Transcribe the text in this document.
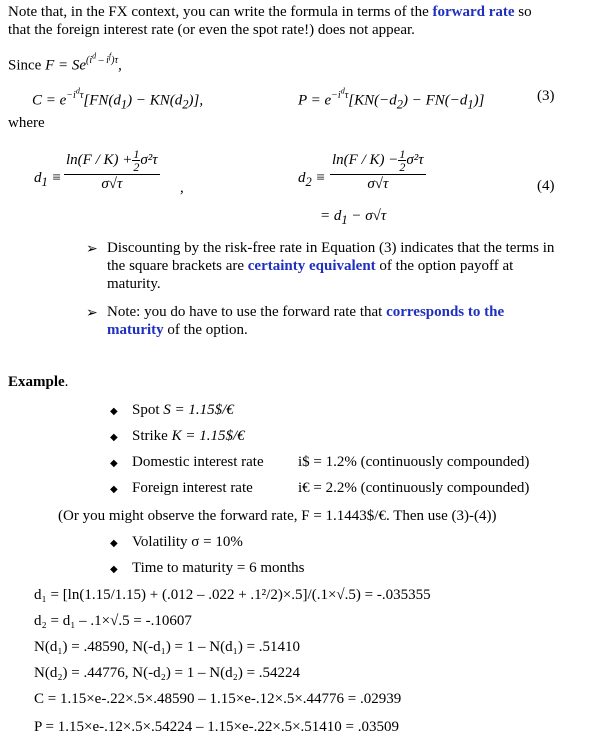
Note that, in the FX context, you can write the formula in terms of the forward rate so
that the foreign interest rate (or even the spot rate!) does not appear.
Since $F = Se^{(i^d - i^f)\tau}$,
$C = e^{-i^d\tau}[FN(d_1) - KN(d_2)]$,	$P = e^{-i^d\tau}[KN(-d_2) - FN(-d_1)]$	(3)
where
$d_1 \equiv \frac{\ln(F / K) + \frac{1}{2} \sigma^2\tau}{\sigma√\tau}$ ,
$d_2 \equiv \frac{\ln(F / K) - \frac{1}{2} \sigma^2\tau}{\sigma√\tau}$	(4)
= $d_1 - \sigma√\tau$
➢ Discounting by the risk-free rate in Equation (3) indicates that the terms in
the square brackets are certainty equivalent of the option payoff at
maturity.
➢ Note: you do have to use the forward rate that corresponds to the
maturity of the option.
Example.
◆ Spot S = 1.15$/€
◆ Strike K = 1.15$/€
◆ Domestic interest rate i$ = 1.2% (continuously compounded)
◆ Foreign interest rate	i€ = 2.2% (continuously compounded)
(Or you might observe the forward rate, F = 1.1443$/€. Then use (3)-(4))
◆ Volatility σ = 10%
◆ Time to maturity = 6 months
d₁ = [ln(1.15/1.15) + (.012 – .022 + .1²/2)×.5]/(.1×√.5) = -.035355
d₂ = d₁ – .1×√.5 = -.10607
N(d₁) = .48590, N(-d₁) = 1 – N(d₁) = .51410
N(d₂) = .44776, N(-d₂) = 1 – N(d₂) = .54224
C = 1.15×e-.22×.5×.48590 – 1.15×e-.12×.5×.44776 = .02939
P = 1.15×e-.12×.5×.54224 – 1.15×e-.22×.5×.51410 = .03509
